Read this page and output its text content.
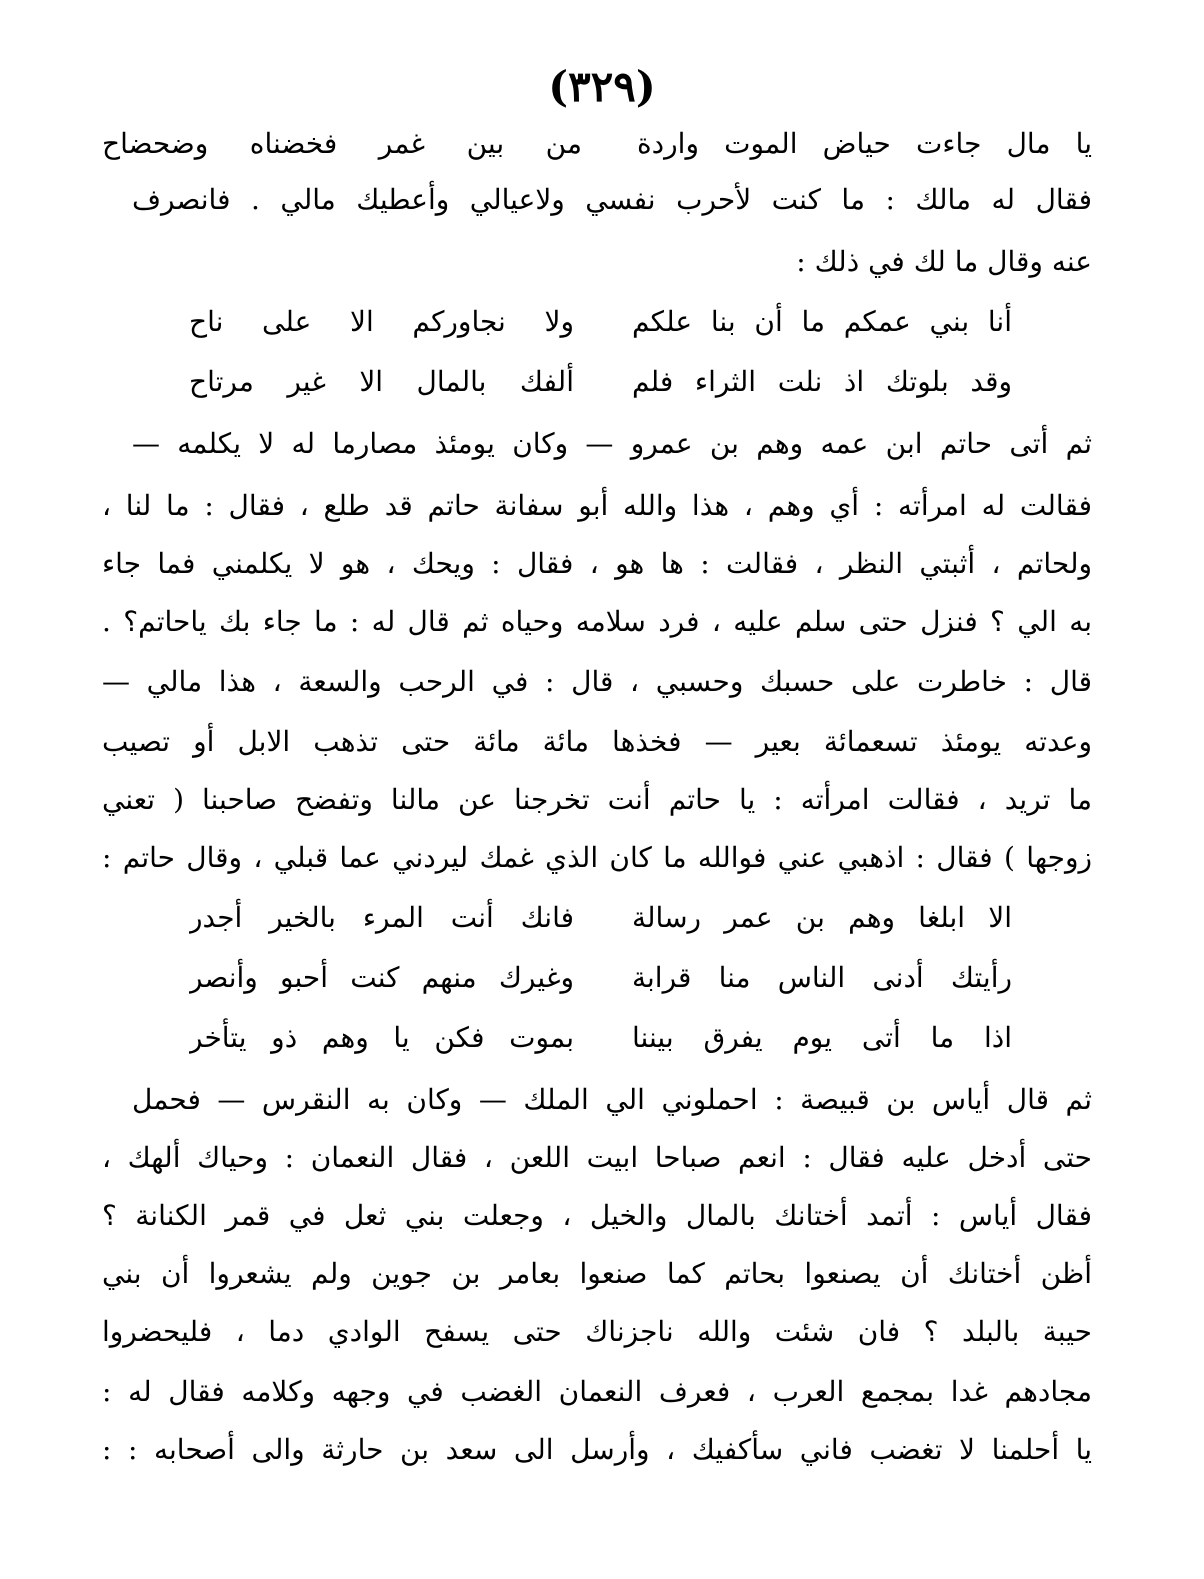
(٣٢٩)
يا مال جاءت حياض الموت واردة
من بين غمر فخضناه وضحضاح
فقال له مالك : ما كنت لأحرب نفسي ولاعيالي وأعطيك مالي . فانصرف
عنه وقال ما لك في ذلك :
أنا بني عمكم ما أن بنا علكم
ولا نجاوركم الا على ناح
وقد بلوتك اذ نلت الثراء فلم
ألفك بالمال الا غير مرتاح
ثم أتى حاتم ابن عمه وهم بن عمرو — وكان يومئذ مصارما له لا يكلمه —
فقالت له امرأته : أي وهم ، هذا والله أبو سفانة حاتم قد طلع ، فقال : ما لنا ،
ولحاتم ، أثبتي النظر ، فقالت : ها هو ، فقال : ويحك ، هو لا يكلمني فما جاء
به الي ؟ فنزل حتى سلم عليه ، فرد سلامه وحياه ثم قال له : ما جاء بك ياحاتم؟ .
قال : خاطرت على حسبك وحسبي ، قال : في الرحب والسعة ، هذا مالي —
وعدته يومئذ تسعمائة بعير — فخذها مائة مائة حتى تذهب الابل أو تصيب
ما تريد ، فقالت امرأته : يا حاتم أنت تخرجنا عن مالنا وتفضح صاحبنا ( تعني
زوجها ) فقال : اذهبي عني فوالله ما كان الذي غمك ليردني عما قبلي ، وقال حاتم :
الا ابلغا وهم بن عمر رسالة
فانك أنت المرء بالخير أجدر
رأيتك أدنى الناس منا قرابة
وغيرك منهم كنت أحبو وأنصر
اذا ما أتى يوم يفرق بيننا
بموت فكن يا وهم ذو يتأخر
ثم قال أياس بن قبيصة : احملوني الي الملك — وكان به النقرس — فحمل
حتى أدخل عليه فقال : انعم صباحا ابيت اللعن ، فقال النعمان : وحياك ألهك ،
فقال أياس : أتمد أختانك بالمال والخيل ، وجعلت بني ثعل في قمر الكنانة ؟
أظن أختانك أن يصنعوا بحاتم كما صنعوا بعامر بن جوين ولم يشعروا أن بني
حيبة بالبلد ؟ فان شئت والله ناجزناك حتى يسفح الوادي دما ، فليحضروا
مجادهم غدا بمجمع العرب ، فعرف النعمان الغضب في وجهه وكلامه فقال له :
يا أحلمنا لا تغضب فاني سأكفيك ، وأرسل الى سعد بن حارثة والى أصحابه : :
